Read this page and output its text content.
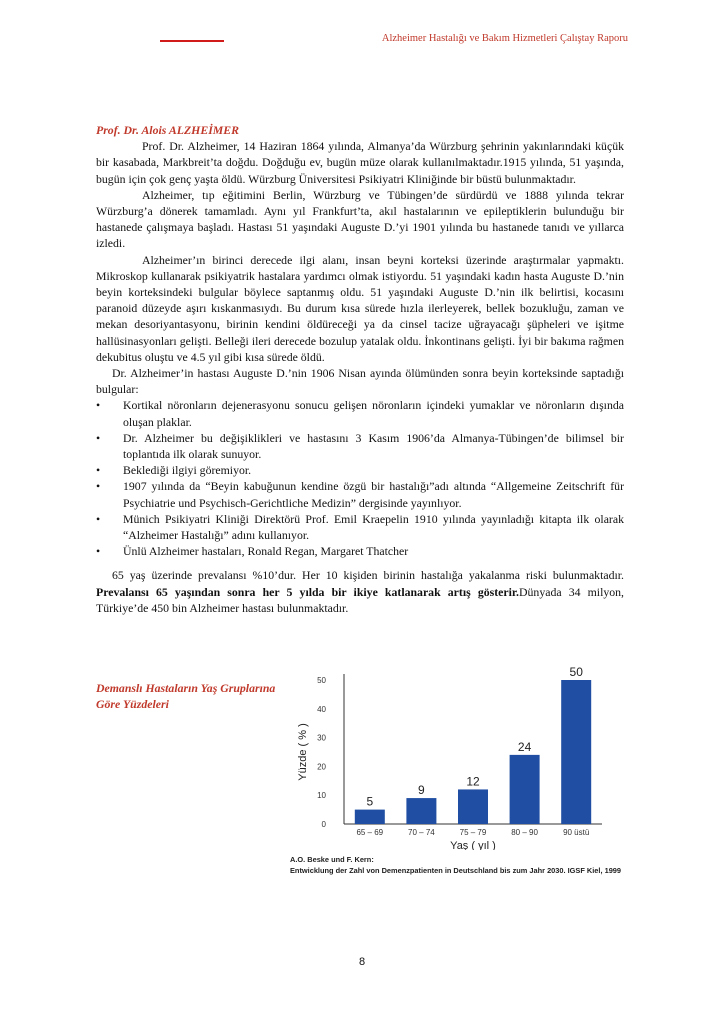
Alzheimer Hastalığı ve Bakım Hizmetleri Çalıştay Raporu

Prof. Dr. Alois ALZHEİMER

Prof. Dr. Alzheimer, 14 Haziran 1864 yılında, Almanya’da Würzburg şehrinin yakınlarındaki küçük bir kasabada, Markbreit’ta doğdu. Doğduğu ev, bugün müze olarak kullanılmaktadır.1915 yılında, 51 yaşında, bugün için çok genç yaşta öldü. Würzburg Üniversitesi Psikiyatri Kliniğinde bir büstü bulunmaktadır.

Alzheimer, tıp eğitimini Berlin, Würzburg ve Tübingen’de sürdürdü ve 1888 yılında tekrar Würzburg’a dönerek tamamladı. Aynı yıl Frankfurt’ta, akıl hastalarının ve epileptiklerin bulunduğu bir hastanede çalışmaya başladı. Hastası 51 yaşındaki Auguste D.’yi 1901 yılında bu hastanede tanıdı ve yıllarca izledi.

Alzheimer’ın birinci derecede ilgi alanı, insan beyni korteksi üzerinde araştırmalar yapmaktı. Mikroskop kullanarak psikiyatrik hastalara yardımcı olmak istiyordu. 51 yaşındaki kadın hasta Auguste D.’nin beyin korteksindeki bulgular böylece saptanmış oldu. 51 yaşındaki Auguste D.’nin ilk belirtisi, kocasını paranoid düzeyde aşırı kıskanmasıydı. Bu durum kısa sürede hızla ilerleyerek, bellek bozukluğu, zaman ve mekan desoriyantasyonu, birinin kendini öldüreceği ya da cinsel tacize uğrayacağı şüpheleri ve işitme hallüsinasyonları gelişti. Belleği ileri derecede bozulup yatalak oldu. İnkontinans gelişti. İyi bir bakıma rağmen dekubitus oluştu ve 4.5 yıl gibi kısa sürede öldü.

Dr. Alzheimer’in hastası Auguste D.’nin 1906 Nisan ayında ölümünden sonra beyin korteksinde saptadığı bulgular:

• Kortikal nöronların dejenerasyonu sonucu gelişen nöronların içindeki yumaklar ve nöronların dışında oluşan plaklar.
• Dr. Alzheimer bu değişiklikleri ve hastasını 3 Kasım 1906’da Almanya-Tübingen’de bilimsel bir toplantıda ilk olarak sunuyor.
• Beklediği ilgiyi göremiyor.
• 1907 yılında da “Beyin kabuğunun kendine özgü bir hastalığı”adı altında “Allgemeine Zeitschrift für Psychiatrie und Psychisch-Gerichtliche Medizin” dergisinde yayınlıyor.
• Münich Psikiyatri Kliniği Direktörü Prof. Emil Kraepelin 1910 yılında yayınladığı kitapta ilk olarak “Alzheimer Hastalığı” adını kullanıyor.
• Ünlü Alzheimer hastaları, Ronald Regan, Margaret Thatcher

65 yaş üzerinde prevalansı %10’dur. Her 10 kişiden birinin hastalığa yakalanma riski bulunmaktadır. Prevalansı 65 yaşından sonra her 5 yılda bir ikiye katlanarak artış gösterir.Dünyada 34 milyon, Türkiye’de 450 bin Alzheimer hastası bulunmaktadır.

Demanslı Hastaların Yaş Gruplarına Göre Yüzdeleri
0
10
20
30
40
50
5
65 – 69
9
70 – 74
12
75 – 79
24
80 – 90
50
90 üstü
Yaş ( yıl )
Yüzde ( % )
A.O. Beske und F. Kern:
Entwicklung der Zahl von Demenzpatienten in Deutschland bis zum Jahr 2030. IGSF Kiel, 1999
8
